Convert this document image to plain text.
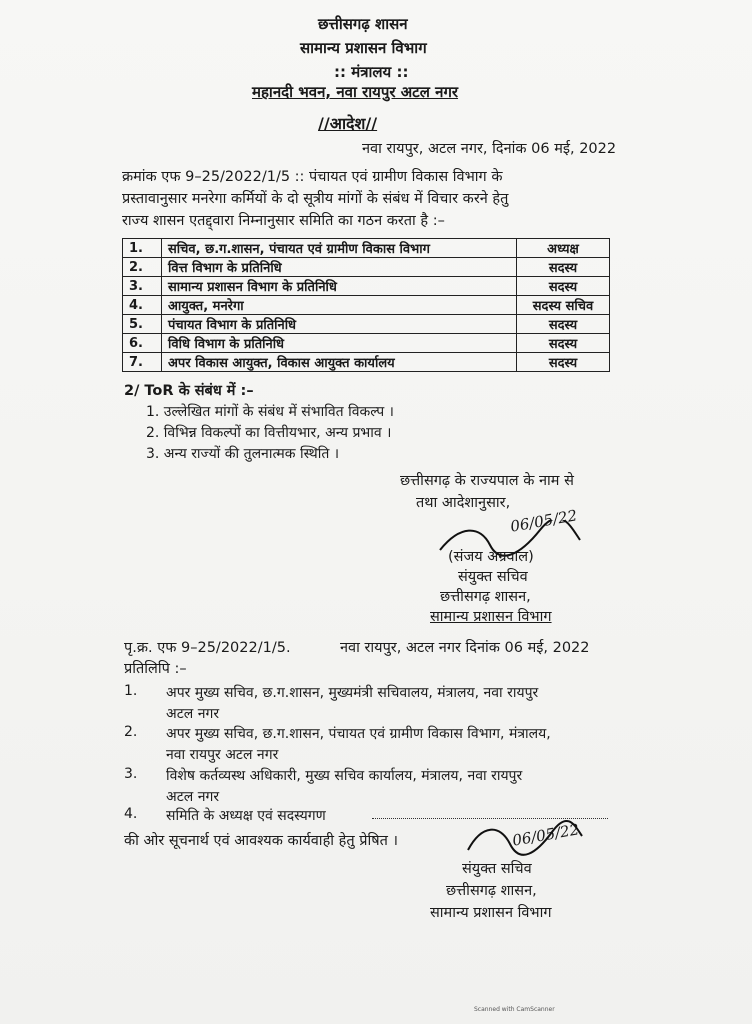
छत्तीसगढ़ शासन
सामान्य प्रशासन विभाग
:: मंत्रालय ::
महानदी भवन, नवा रायपुर अटल नगर
//आदेश//
नवा रायपुर, अटल नगर, दिनांक 06 मई, 2022
क्रमांक एफ 9–25/2022/1/5 :: पंचायत एवं ग्रामीण विकास विभाग के
प्रस्तावानुसार मनरेगा कर्मियों के दो सूत्रीय मांगों के संबंध में विचार करने हेतु
राज्य शासन एतद्द्वारा निम्नानुसार समिति का गठन करता है :–
1.	सचिव, छ.ग.शासन, पंचायत एवं ग्रामीण विकास विभाग	अध्यक्ष
2.	वित्त विभाग के प्रतिनिधि	सदस्य
3.	सामान्य प्रशासन विभाग के प्रतिनिधि	सदस्य
4.	आयुक्त, मनरेगा	सदस्य सचिव
5.	पंचायत विभाग के प्रतिनिधि	सदस्य
6.	विधि विभाग के प्रतिनिधि	सदस्य
7.	अपर विकास आयुक्त, विकास आयुक्त कार्यालय	सदस्य
2/ ToR के संबंध में :–
1. उल्लेखित मांगों के संबंध में संभावित विकल्प ।
2. विभिन्न विकल्पों का वित्तीयभार, अन्य प्रभाव ।
3. अन्य राज्यों की तुलनात्मक स्थिति ।
छत्तीसगढ़ के राज्यपाल के नाम से
तथा आदेशानुसार,
06/05/22
(संजय अग्रवाल)
संयुक्त सचिव
छत्तीसगढ़ शासन,
सामान्य प्रशासन विभाग
पृ.क्र. एफ 9–25/2022/1/5.	नवा रायपुर, अटल नगर दिनांक 06 मई, 2022
प्रतिलिपि :–
1. अपर मुख्य सचिव, छ.ग.शासन, मुख्यमंत्री सचिवालय, मंत्रालय, नवा रायपुर
अटल नगर
2. अपर मुख्य सचिव, छ.ग.शासन, पंचायत एवं ग्रामीण विकास विभाग, मंत्रालय,
नवा रायपुर अटल नगर
3. विशेष कर्तव्यस्थ अधिकारी, मुख्य सचिव कार्यालय, मंत्रालय, नवा रायपुर
अटल नगर
4. समिति के अध्यक्ष एवं सदस्यगण
की ओर सूचनार्थ एवं आवश्यक कार्यवाही हेतु प्रेषित ।	06/05/22
संयुक्त सचिव
छत्तीसगढ़ शासन,
सामान्य प्रशासन विभाग
Scanned with CamScanner
